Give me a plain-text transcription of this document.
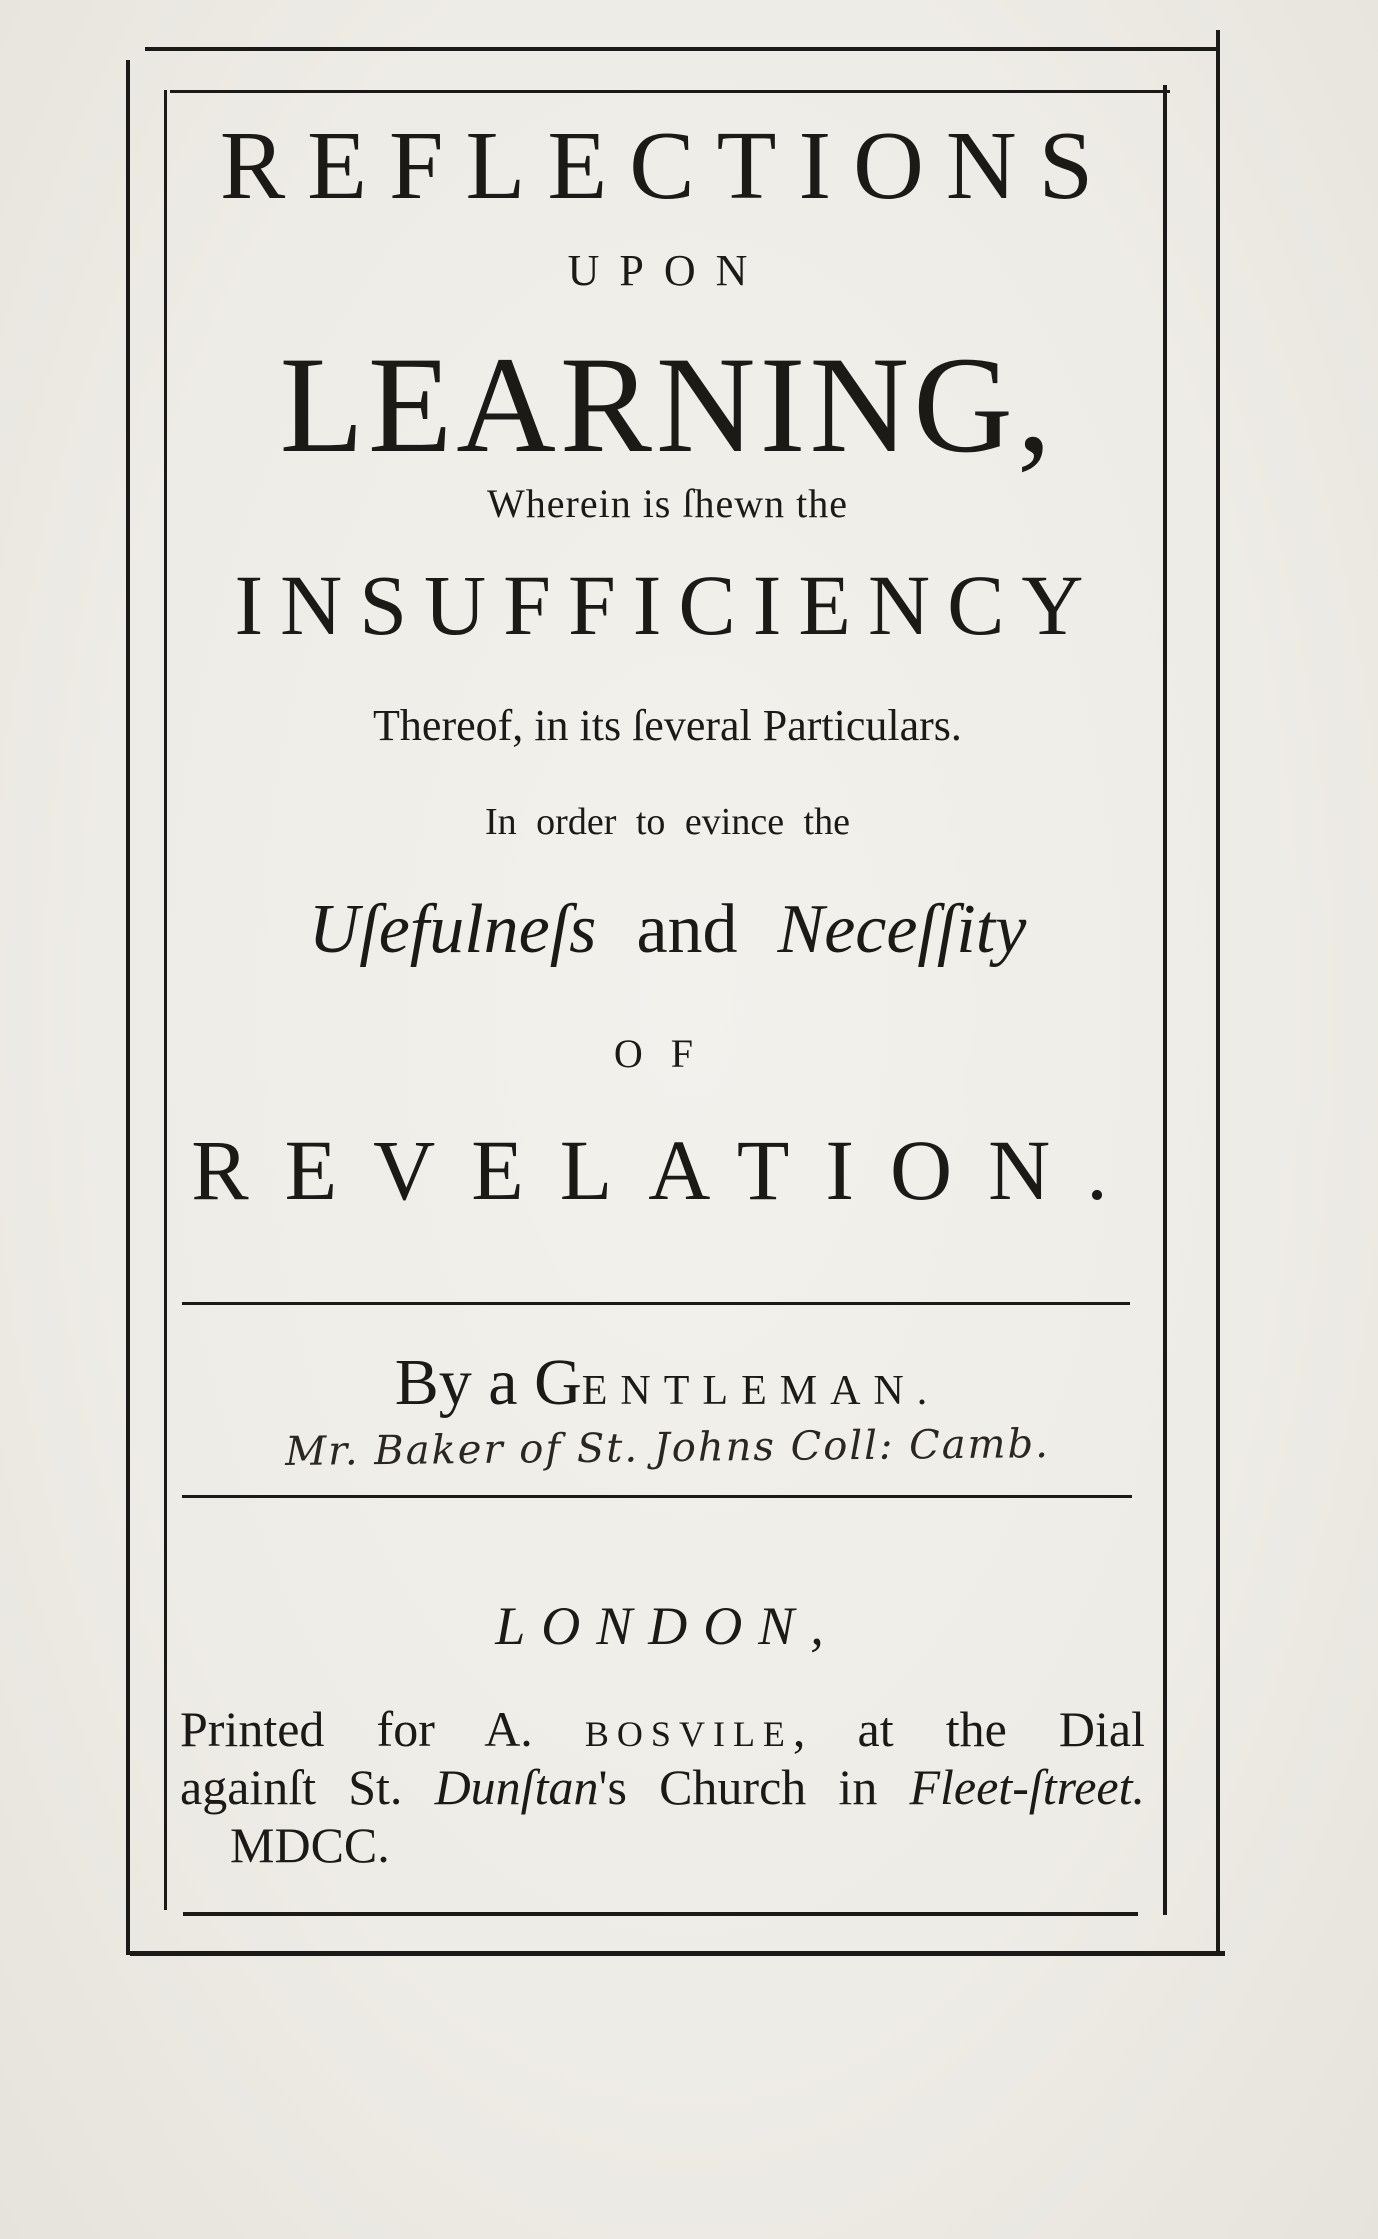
REFLECTIONS
UPON
LEARNING,
Wherein is ſhewn the
INSUFFICIENCY
Thereof, in its ſeveral Particulars.
In order to evince the
Uſefulneſs and Neceſſity
OF
REVELATION.
By a GENTLEMAN.
Mr. Baker of St. Johns Coll: Camb.
LONDON,
Printed for A. BOSVILE, at the Dial
againſt St. Dunſtan's Church in Fleet-ſtreet.
MDCC.
